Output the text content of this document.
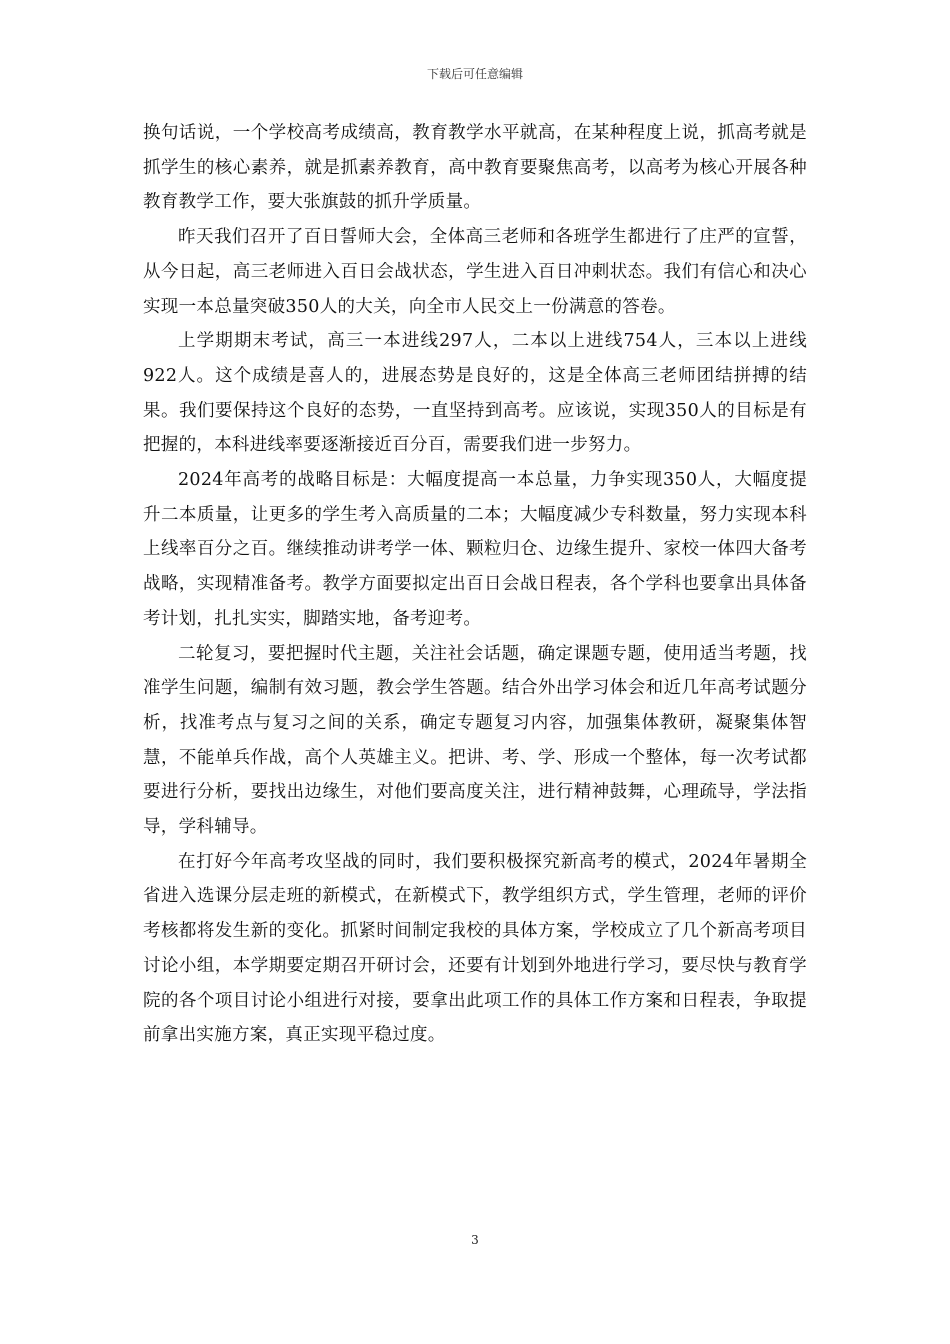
下载后可任意编辑

换句话说，一个学校高考成绩高，教育教学水平就高，在某种程度上说，抓高考就是抓学生的核心素养，就是抓素养教育，高中教育要聚焦高考，以高考为核心开展各种教育教学工作，要大张旗鼓的抓升学质量。

昨天我们召开了百日誓师大会，全体高三老师和各班学生都进行了庄严的宣誓，从今日起，高三老师进入百日会战状态，学生进入百日冲刺状态。我们有信心和决心实现一本总量突破350人的大关，向全市人民交上一份满意的答卷。

上学期期末考试，高三一本进线297人，二本以上进线754人，三本以上进线922人。这个成绩是喜人的，进展态势是良好的，这是全体高三老师团结拼搏的结果。我们要保持这个良好的态势，一直坚持到高考。应该说，实现350人的目标是有把握的，本科进线率要逐渐接近百分百，需要我们进一步努力。

2024年高考的战略目标是：大幅度提高一本总量，力争实现350人，大幅度提升二本质量，让更多的学生考入高质量的二本；大幅度减少专科数量，努力实现本科上线率百分之百。继续推动讲考学一体、颗粒归仓、边缘生提升、家校一体四大备考战略，实现精准备考。教学方面要拟定出百日会战日程表，各个学科也要拿出具体备考计划，扎扎实实，脚踏实地，备考迎考。

二轮复习，要把握时代主题，关注社会话题，确定课题专题，使用适当考题，找准学生问题，编制有效习题，教会学生答题。结合外出学习体会和近几年高考试题分析，找准考点与复习之间的关系，确定专题复习内容，加强集体教研，凝聚集体智慧，不能单兵作战，高个人英雄主义。把讲、考、学、形成一个整体，每一次考试都要进行分析，要找出边缘生，对他们要高度关注，进行精神鼓舞，心理疏导，学法指导，学科辅导。

在打好今年高考攻坚战的同时，我们要积极探究新高考的模式，2024年暑期全省进入选课分层走班的新模式，在新模式下，教学组织方式，学生管理，老师的评价考核都将发生新的变化。抓紧时间制定我校的具体方案，学校成立了几个新高考项目讨论小组，本学期要定期召开研讨会，还要有计划到外地进行学习，要尽快与教育学院的各个项目讨论小组进行对接，要拿出此项工作的具体工作方案和日程表，争取提前拿出实施方案，真正实现平稳过度。

3
